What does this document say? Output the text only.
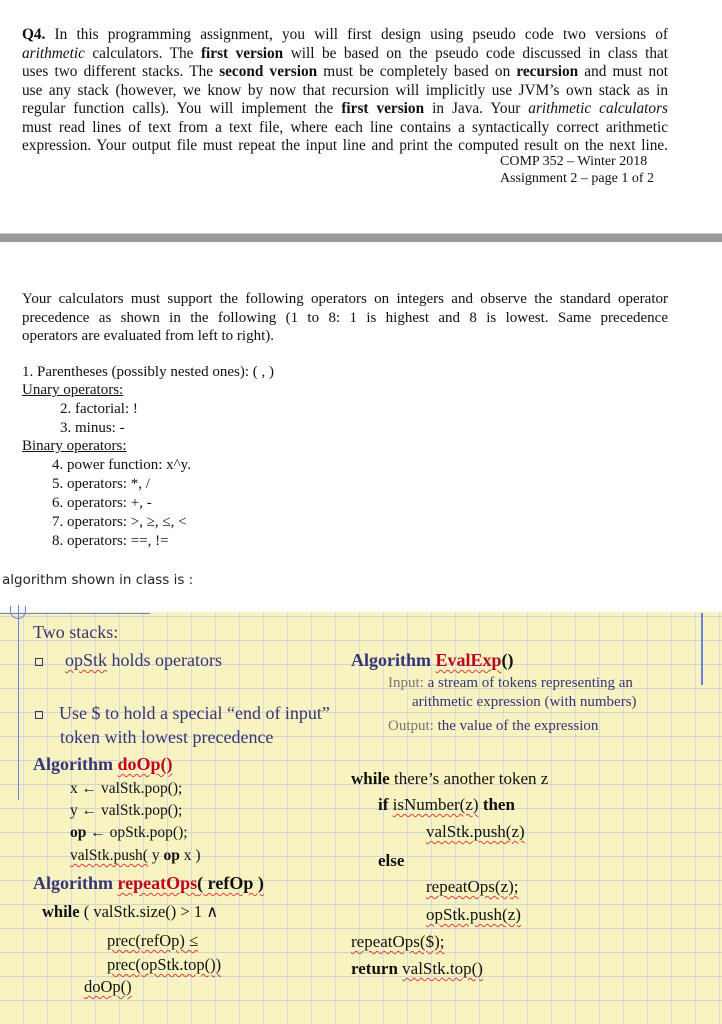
Q4. In this programming assignment, you will first design using pseudo code two versions of
arithmetic calculators. The first version will be based on the pseudo code discussed in class that
uses two different stacks. The second version must be completely based on recursion and must not
use any stack (however, we know by now that recursion will implicitly use JVM’s own stack as in
regular function calls). You will implement the first version in Java. Your arithmetic calculators
must read lines of text from a text file, where each line contains a syntactically correct arithmetic
expression. Your output file must repeat the input line and print the computed result on the next line.
COMP 352 – Winter 2018
Assignment 2 – page 1 of 2
Your calculators must support the following operators on integers and observe the standard operator
precedence as shown in the following (1 to 8: 1 is highest and 8 is lowest. Same precedence
operators are evaluated from left to right).
1. Parentheses (possibly nested ones): ( , )
Unary operators:
2. factorial: !
3. minus: -
Binary operators:
4. power function: x^y.
5. operators: *, /
6. operators: +, -
7. operators: >, ≥, ≤, <
8. operators: ==, !=
algorithm shown in class is :
Two stacks:
opStk holds operators
Use $ to hold a special “end of input”
token with lowest precedence
Algorithm doOp()
x ← valStk.pop();
y ← valStk.pop();
op ← opStk.pop();
valStk.push( y op x )
Algorithm repeatOps( refOp )
while ( valStk.size() > 1 ∧
prec(refOp) ≤
prec(opStk.top())
doOp()
Algorithm EvalExp()
Input: a stream of tokens representing an
arithmetic expression (with numbers)
Output: the value of the expression
while there’s another token z
if isNumber(z) then
valStk.push(z)
else
repeatOps(z);
opStk.push(z)
repeatOps($);
return valStk.top()
